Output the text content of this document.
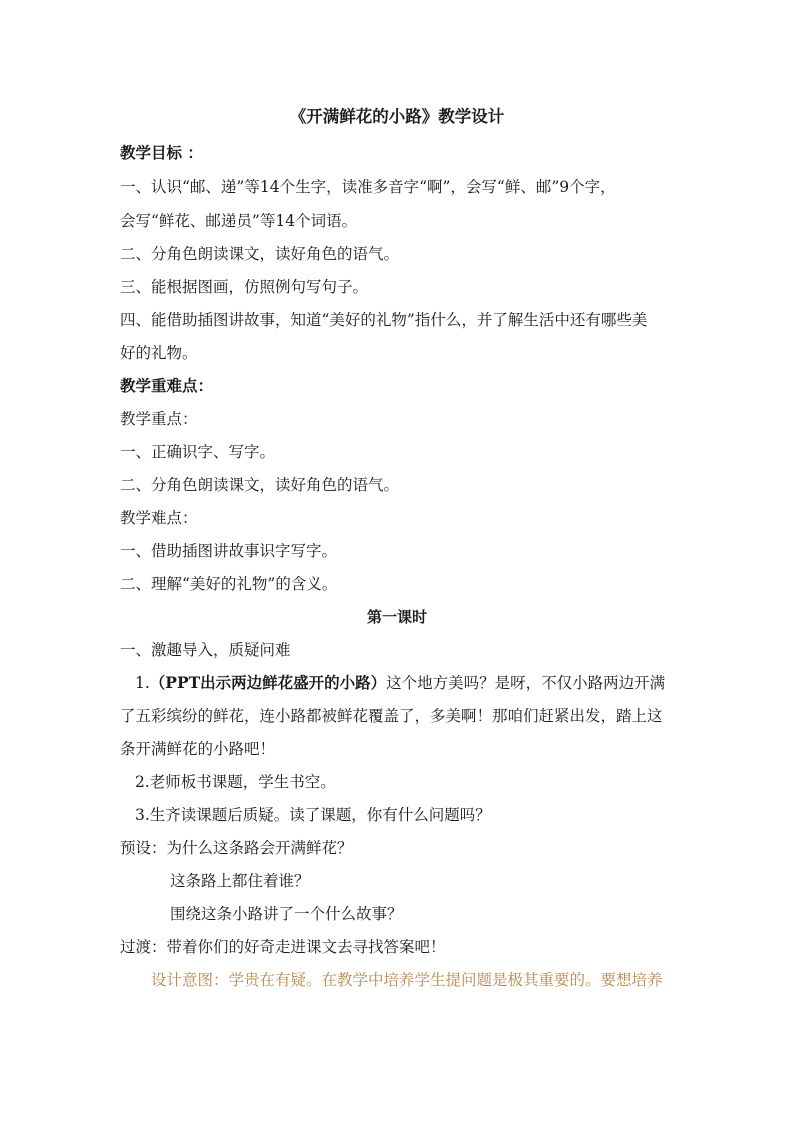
《开满鲜花的小路》教学设计
教学目标 ：
一、认识“邮、递”等14个生字，读准多音字“啊”，会写“鲜、邮”9个字，
会写“鲜花、邮递员”等14个词语。
二、分角色朗读课文，读好角色的语气。
三、能根据图画，仿照例句写句子。
四、能借助插图讲故事，知道“美好的礼物”指什么，并了解生活中还有哪些美
好的礼物。
教学重难点：
教学重点：
一、正确识字、写字。
二、分角色朗读课文，读好角色的语气。
教学难点：
一、借助插图讲故事识字写字。
二、理解“美好的礼物”的含义。
第一课时
一、激趣导入，质疑问难
1.（PPT出示两边鲜花盛开的小路）这个地方美吗？是呀，不仅小路两边开满
了五彩缤纷的鲜花，连小路都被鲜花覆盖了，多美啊！那咱们赶紧出发，踏上这
条开满鲜花的小路吧！
2.老师板书课题，学生书空。
3.生齐读课题后质疑。读了课题，你有什么问题吗？
预设：为什么这条路会开满鲜花？
这条路上都住着谁？
围绕这条小路讲了一个什么故事？
过渡：带着你们的好奇走进课文去寻找答案吧！
设计意图：学贵在有疑。在教学中培养学生提问题是极其重要的。要想培养
